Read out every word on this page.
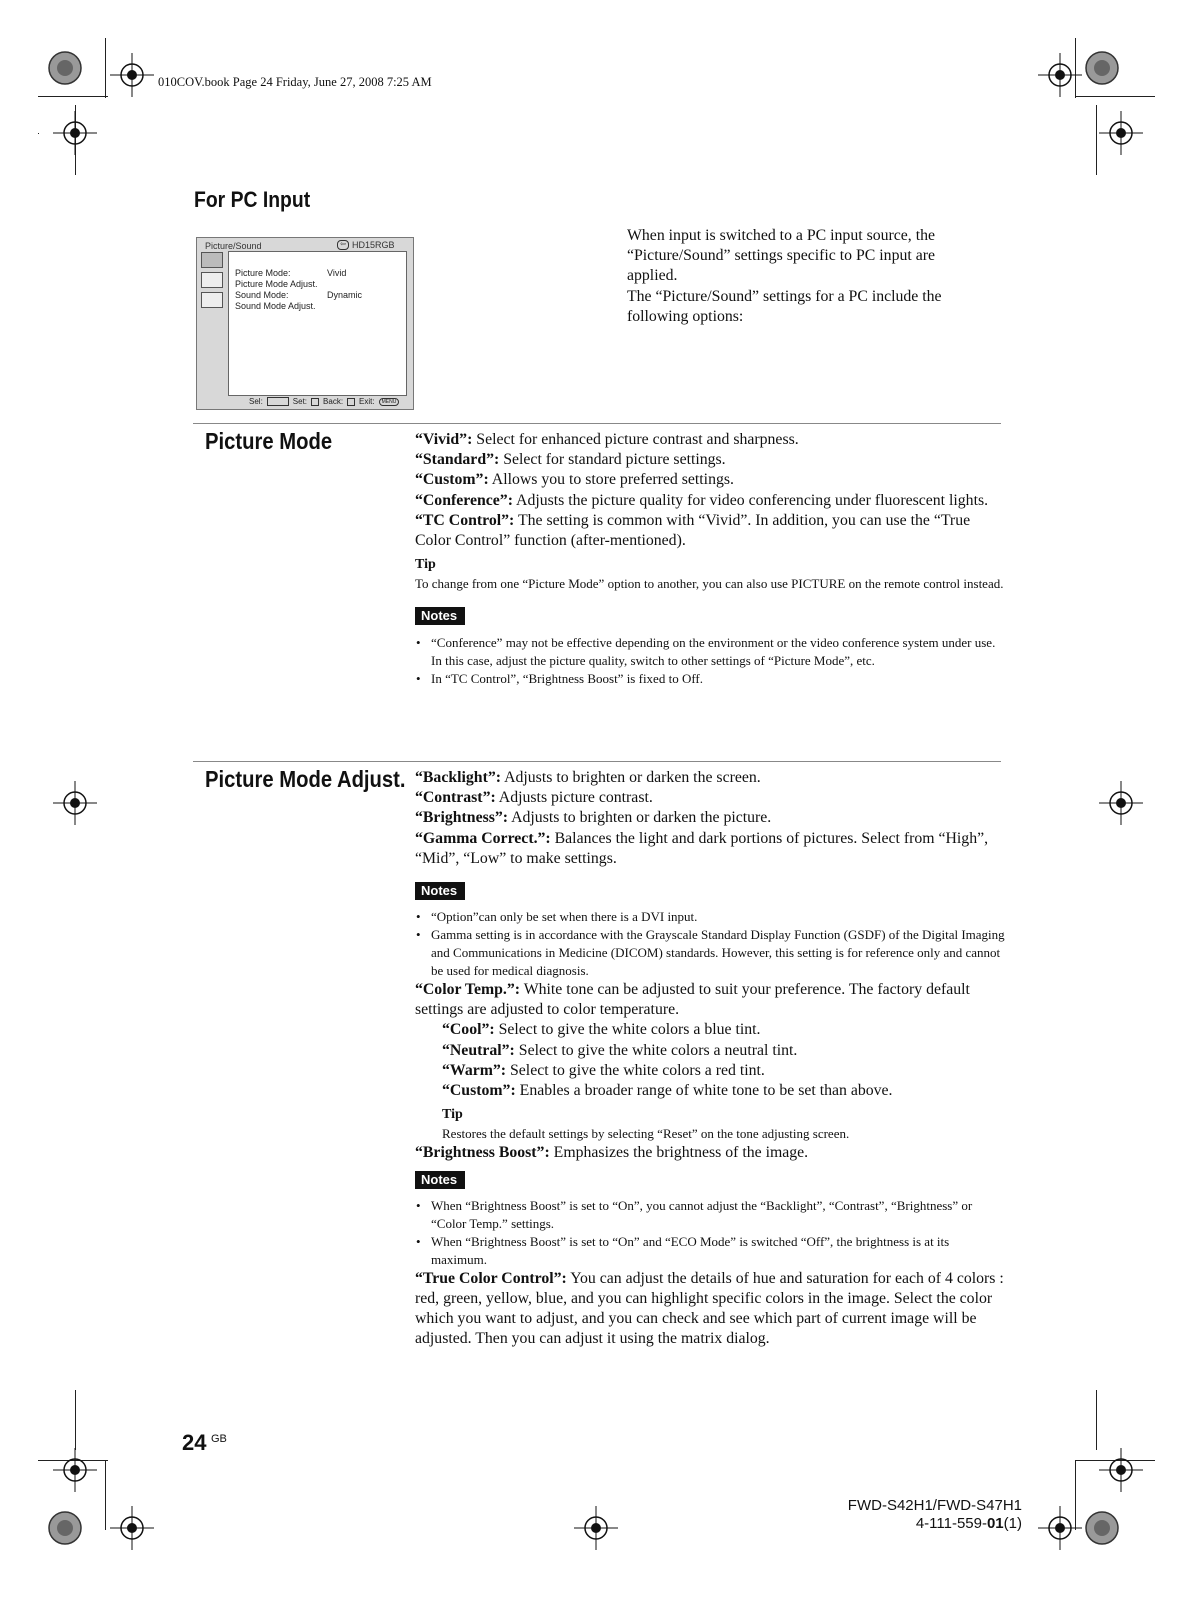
010COV.book Page 24 Friday, June 27, 2008 7:25 AM
For PC Input
When input is switched to a PC input source, the
“Picture/Sound” settings specific to PC input are
applied.
The “Picture/Sound” settings for a PC include the
following options:
Picture/Sound	⇦ HD15RGB
Picture Mode:	Vivid
Picture Mode Adjust.
Sound Mode:	Dynamic
Sound Mode Adjust.
Sel:	Set: Back: Exit:	MENU
Picture Mode	“Vivid”: Select for enhanced picture contrast and sharpness.
“Standard”: Select for standard picture settings.
“Custom”: Allows you to store preferred settings.
“Conference”: Adjusts the picture quality for video conferencing under fluorescent lights.
“TC Control”: The setting is common with “Vivid”. In addition, you can use the “True Color Control” function (after-mentioned).
Tip
To change from one “Picture Mode” option to another, you can also use PICTURE on the remote control instead.
Notes
• “Conference” may not be effective depending on the environment or the video conference system under use. In this case, adjust the picture quality, switch to other settings of “Picture Mode”, etc.
• In “TC Control”, “Brightness Boost” is fixed to Off.
Picture Mode Adjust. “Backlight”: Adjusts to brighten or darken the screen.
“Contrast”: Adjusts picture contrast.
“Brightness”: Adjusts to brighten or darken the picture.
“Gamma Correct.”: Balances the light and dark portions of pictures. Select from “High”, “Mid”, “Low” to make settings.
Notes
• “Option”can only be set when there is a DVI input.
• Gamma setting is in accordance with the Grayscale Standard Display Function (GSDF) of the Digital Imaging and Communications in Medicine (DICOM) standards. However, this setting is for reference only and cannot be used for medical diagnosis.
“Color Temp.”: White tone can be adjusted to suit your preference. The factory default settings are adjusted to color temperature.
“Cool”: Select to give the white colors a blue tint.
“Neutral”: Select to give the white colors a neutral tint.
“Warm”: Select to give the white colors a red tint.
“Custom”: Enables a broader range of white tone to be set than above.
Tip
Restores the default settings by selecting “Reset” on the tone adjusting screen.
“Brightness Boost”: Emphasizes the brightness of the image.
Notes
• When “Brightness Boost” is set to “On”, you cannot adjust the “Backlight”, “Contrast”, “Brightness” or “Color Temp.” settings.
• When “Brightness Boost” is set to “On” and “ECO Mode” is switched “Off”, the brightness is at its maximum.
“True Color Control”: You can adjust the details of hue and saturation for each of 4 colors : red, green, yellow, blue, and you can highlight specific colors in the image. Select the color which you want to adjust, and you can check and see which part of current image will be adjusted. Then you can adjust it using the matrix dialog.
24 $^{GB}$
FWD-S42H1/FWD-S47H1
4-111-559-01(1)
